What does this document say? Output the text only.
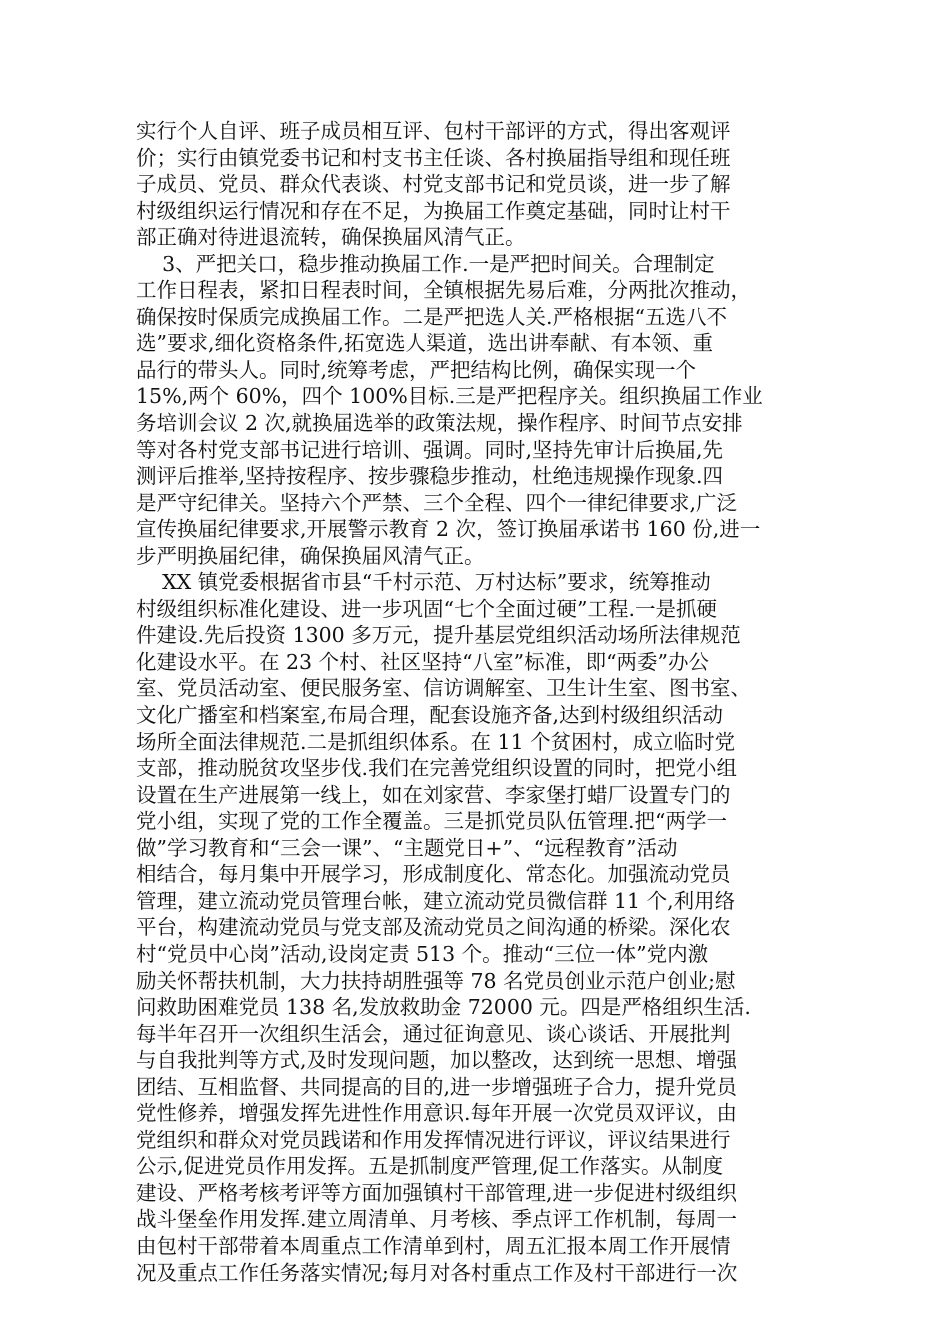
实行个人自评、班子成员相互评、包村干部评的方式，得出客观评
价；实行由镇党委书记和村支书主任谈、各村换届指导组和现任班
子成员、党员、群众代表谈、村党支部书记和党员谈，进一步了解
村级组织运行情况和存在不足，为换届工作奠定基础，同时让村干
部正确对待进退流转，确保换届风清气正。
3、严把关口，稳步推动换届工作.一是严把时间关。合理制定
工作日程表，紧扣日程表时间，全镇根据先易后难，分两批次推动，
确保按时保质完成换届工作。二是严把选人关.严格根据“五选八不
选”要求,细化资格条件,拓宽选人渠道，选出讲奉献、有本领、重
品行的带头人。同时,统筹考虑，严把结构比例，确保实现一个
15%,两个 60%，四个 100%目标.三是严把程序关。组织换届工作业
务培训会议 2 次,就换届选举的政策法规，操作程序、时间节点安排
等对各村党支部书记进行培训、强调。同时,坚持先审计后换届,先
测评后推举,坚持按程序、按步骤稳步推动，杜绝违规操作现象.四
是严守纪律关。坚持六个严禁、三个全程、四个一律纪律要求,广泛
宣传换届纪律要求,开展警示教育 2 次，签订换届承诺书 160 份,进一
步严明换届纪律，确保换届风清气正。
XX 镇党委根据省市县“千村示范、万村达标”要求，统筹推动
村级组织标准化建设、进一步巩固“七个全面过硬”工程.一是抓硬
件建设.先后投资 1300 多万元，提升基层党组织活动场所法律规范
化建设水平。在 23 个村、社区坚持“八室”标准，即“两委”办公
室、党员活动室、便民服务室、信访调解室、卫生计生室、图书室、
文化广播室和档案室,布局合理，配套设施齐备,达到村级组织活动
场所全面法律规范.二是抓组织体系。在 11 个贫困村，成立临时党
支部，推动脱贫攻坚步伐.我们在完善党组织设置的同时，把党小组
设置在生产进展第一线上，如在刘家营、李家堡打蜡厂设置专门的
党小组，实现了党的工作全覆盖。三是抓党员队伍管理.把“两学一
做”学习教育和“三会一课”、“主题党日+”、“远程教育”活动
相结合，每月集中开展学习，形成制度化、常态化。加强流动党员
管理，建立流动党员管理台帐，建立流动党员微信群 11 个,利用络
平台，构建流动党员与党支部及流动党员之间沟通的桥梁。深化农
村“党员中心岗”活动,设岗定责 513 个。推动“三位一体”党内激
励关怀帮扶机制，大力扶持胡胜强等 78 名党员创业示范户创业;慰
问救助困难党员 138 名,发放救助金 72000 元。四是严格组织生活.
每半年召开一次组织生活会，通过征询意见、谈心谈话、开展批判
与自我批判等方式,及时发现问题，加以整改，达到统一思想、增强
团结、互相监督、共同提高的目的,进一步增强班子合力，提升党员
党性修养，增强发挥先进性作用意识.每年开展一次党员双评议，由
党组织和群众对党员践诺和作用发挥情况进行评议，评议结果进行
公示,促进党员作用发挥。五是抓制度严管理,促工作落实。从制度
建设、严格考核考评等方面加强镇村干部管理,进一步促进村级组织
战斗堡垒作用发挥.建立周清单、月考核、季点评工作机制，每周一
由包村干部带着本周重点工作清单到村，周五汇报本周工作开展情
况及重点工作任务落实情况;每月对各村重点工作及村干部进行一次
